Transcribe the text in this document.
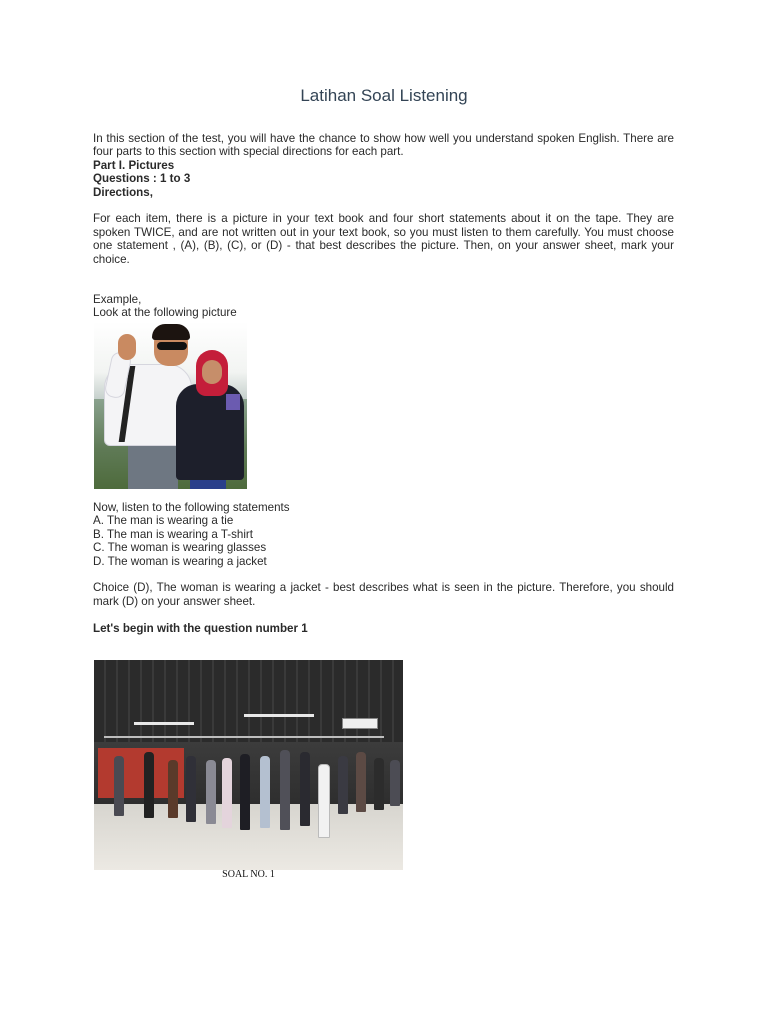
Latihan Soal Listening

In this section of the test, you will have the chance to show how well you understand spoken English. There are four parts to this section with special directions for each part.

Part I. Pictures

Questions : 1 to 3

Directions,

For each item, there is a picture in your text book and four short statements about it on the tape. They are spoken TWICE, and are not written out in your text book, so you must listen to them carefully. You must choose one statement , (A), (B), (C), or (D) - that best describes the picture. Then, on your answer sheet, mark your choice.

Example,

Look at the following picture

Now, listen to the following statements

A. The man is wearing a tie

B. The man is wearing a T-shirt

C. The woman is wearing glasses

D. The woman is wearing a jacket

Choice (D), The woman is wearing a jacket - best describes what is seen in the picture. Therefore, you should mark (D) on your answer sheet.

Let's begin with the question number 1

SOAL NO. 1
